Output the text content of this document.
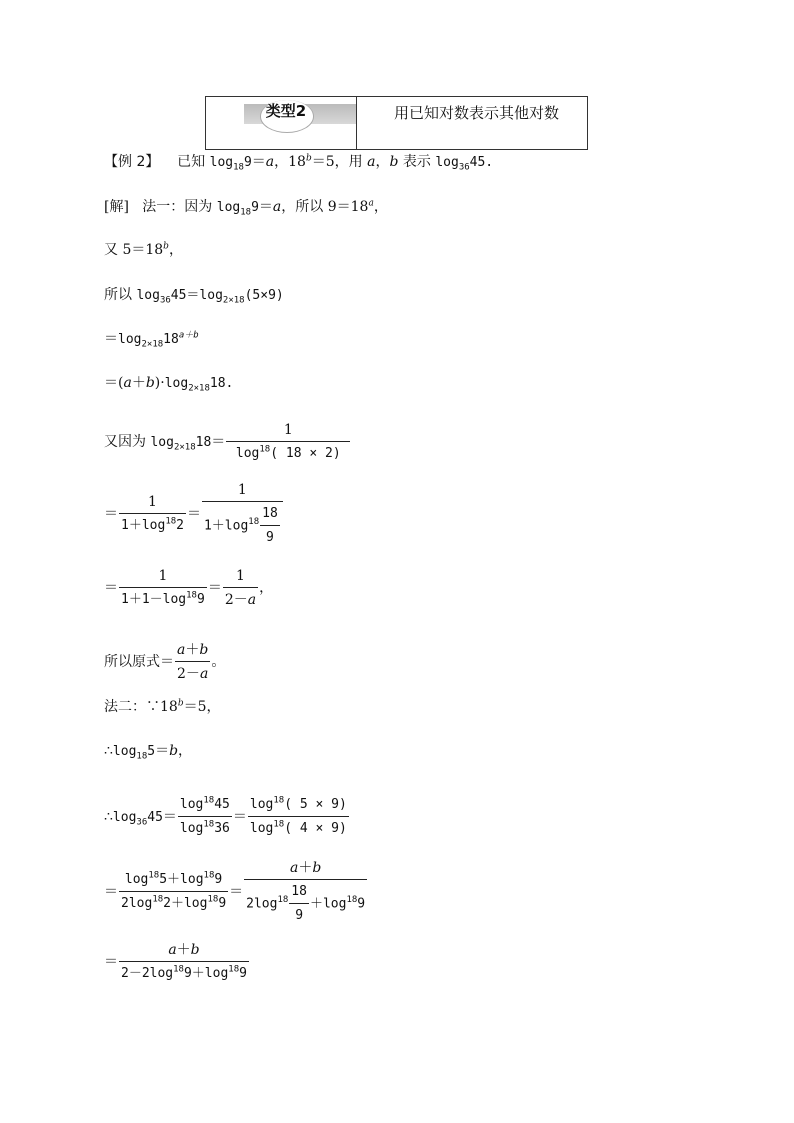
类型2	用已知对数表示其他对数
【例 2】 已知 $\log_{18}9=a$，$18^b=5$，用 a，b 表示 $\log_{36}45$.
[解] 法一：因为 $\log_{18}9=a$，所以 $9=18^a$，
又 $5=18^b$，
所以 $\log_{36}45=\log_{2\times 18}(5\times 9)$
$=\log_{2\times 18}18^{a+b}$
$=(a+b)\cdot\log_{2\times 18}18$.
又因为 $\log_{2\times 18}18= \frac{1}{\log^{18}( 18 \times 2)}$
＝ $\frac{1}{1+\log^{18}2} = \frac{1}{1+\log^{18} \frac{18}{9}}$
＝ $\frac{1}{1+1-\log^{18}9} = \frac{1}{2-a}$ ，
所以原式＝ $\frac{a+b}{2-a}$ 。
法二：$\because 18^b=5$，
$\therefore\log_{18}5=b$，
$\therefore\log_{36}45= \frac{\log^{18}45}{\log^{18}36} = \frac{\log^{18}( 5 \times 9)}{\log^{18}( 4 \times 9)}$
＝ $\frac{\log^{18}5+\log^{18}9}{2\log^{18}2+\log^{18}9} = \frac{a+b}{2\log^{18} \frac{18}{9} +\log^{18}9}$
＝ $\frac{a+b}{2-2\log^{18}9+\log^{18}9}$
